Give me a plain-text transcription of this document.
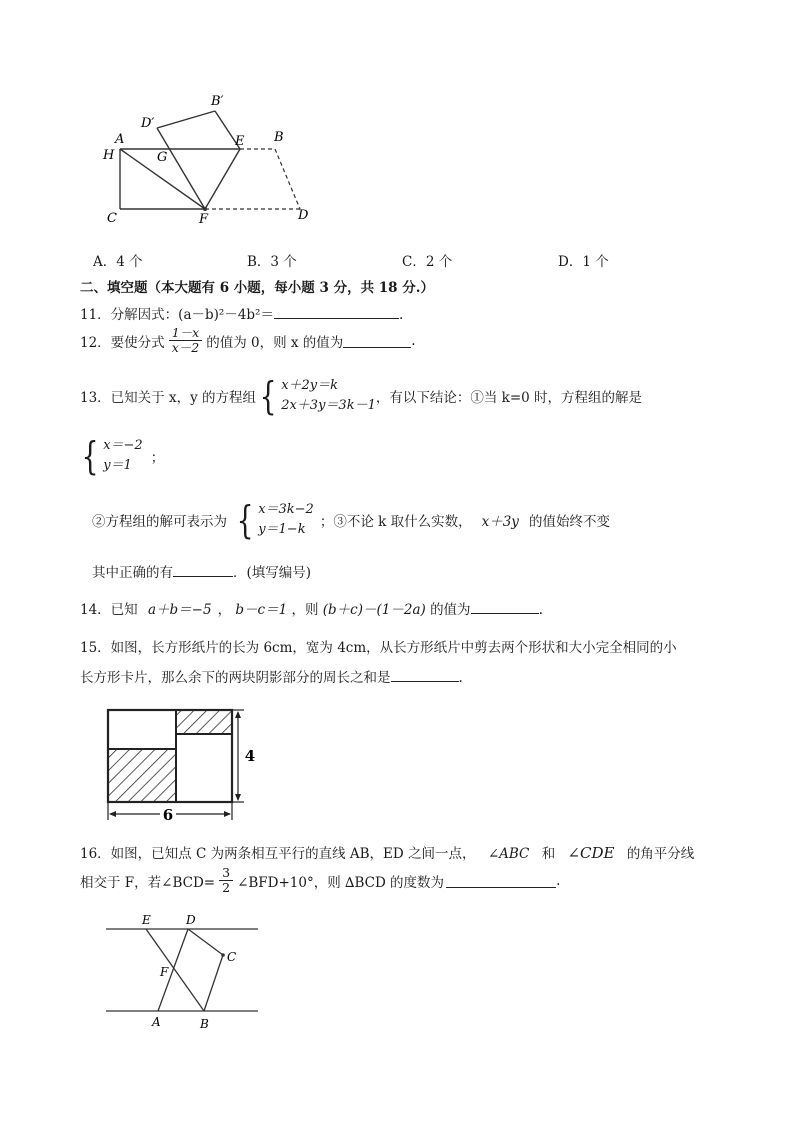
A
B′
D′
E B
H	G
C	F	D
A．4 个	B．3 个	C．2 个	D．1 个
二、填空题（本大题有 6 小题，每小题 3 分，共 18 分.）
11．分解因式：(a－b)²－4b²＝	.
12．要使分式 $\frac{1-x}{x-2}$ 的值为 0，则 x 的值为	.
13．已知关于 x，y 的方程组 { x＋2y＝k
2x＋3y＝3k－1 ，有以下结论：①当 k=0 时，方程组的解是
{ x＝−2
y＝1	；
②方程组的解可表示为 { x＝3k−2
y＝1−k	；③不论 k 取什么实数， x＋3y 的值始终不变
其中正确的有	．(填写编号)
14．已知 a＋b＝−5 ， b－c＝1 ，则 (b＋c)－(1－2a) 的值为	.
15．如图，长方形纸片的长为 6cm，宽为 4cm，从长方形纸片中剪去两个形状和大小完全相同的小
长方形卡片，那么余下的两块阴影部分的周长之和是	.
6
4
16．如图，已知点 C 为两条相互平行的直线 AB，ED 之间一点， ∠ABC 和 ∠CDE 的角平分线
相交于 F，若∠BCD= $\frac{3}{2}$ ∠BFD+10°，则 ∆BCD 的度数为	.
E	D
C
F
A	B
